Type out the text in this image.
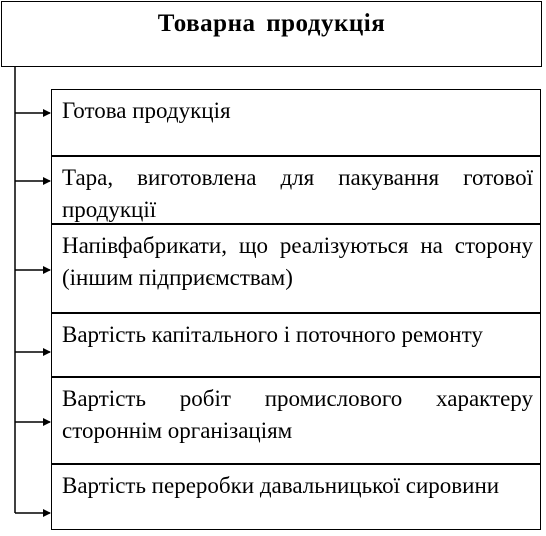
Товарна продукція

Готова продукція

Тара, виготовлена для пакування готової продукції

Напівфабрикати, що реалізуються на сторону (іншим підприємствам)

Вартість капітального і поточного ремонту

Вартість робіт промислового характеру стороннім організаціям

Вартість переробки давальницької сировини
